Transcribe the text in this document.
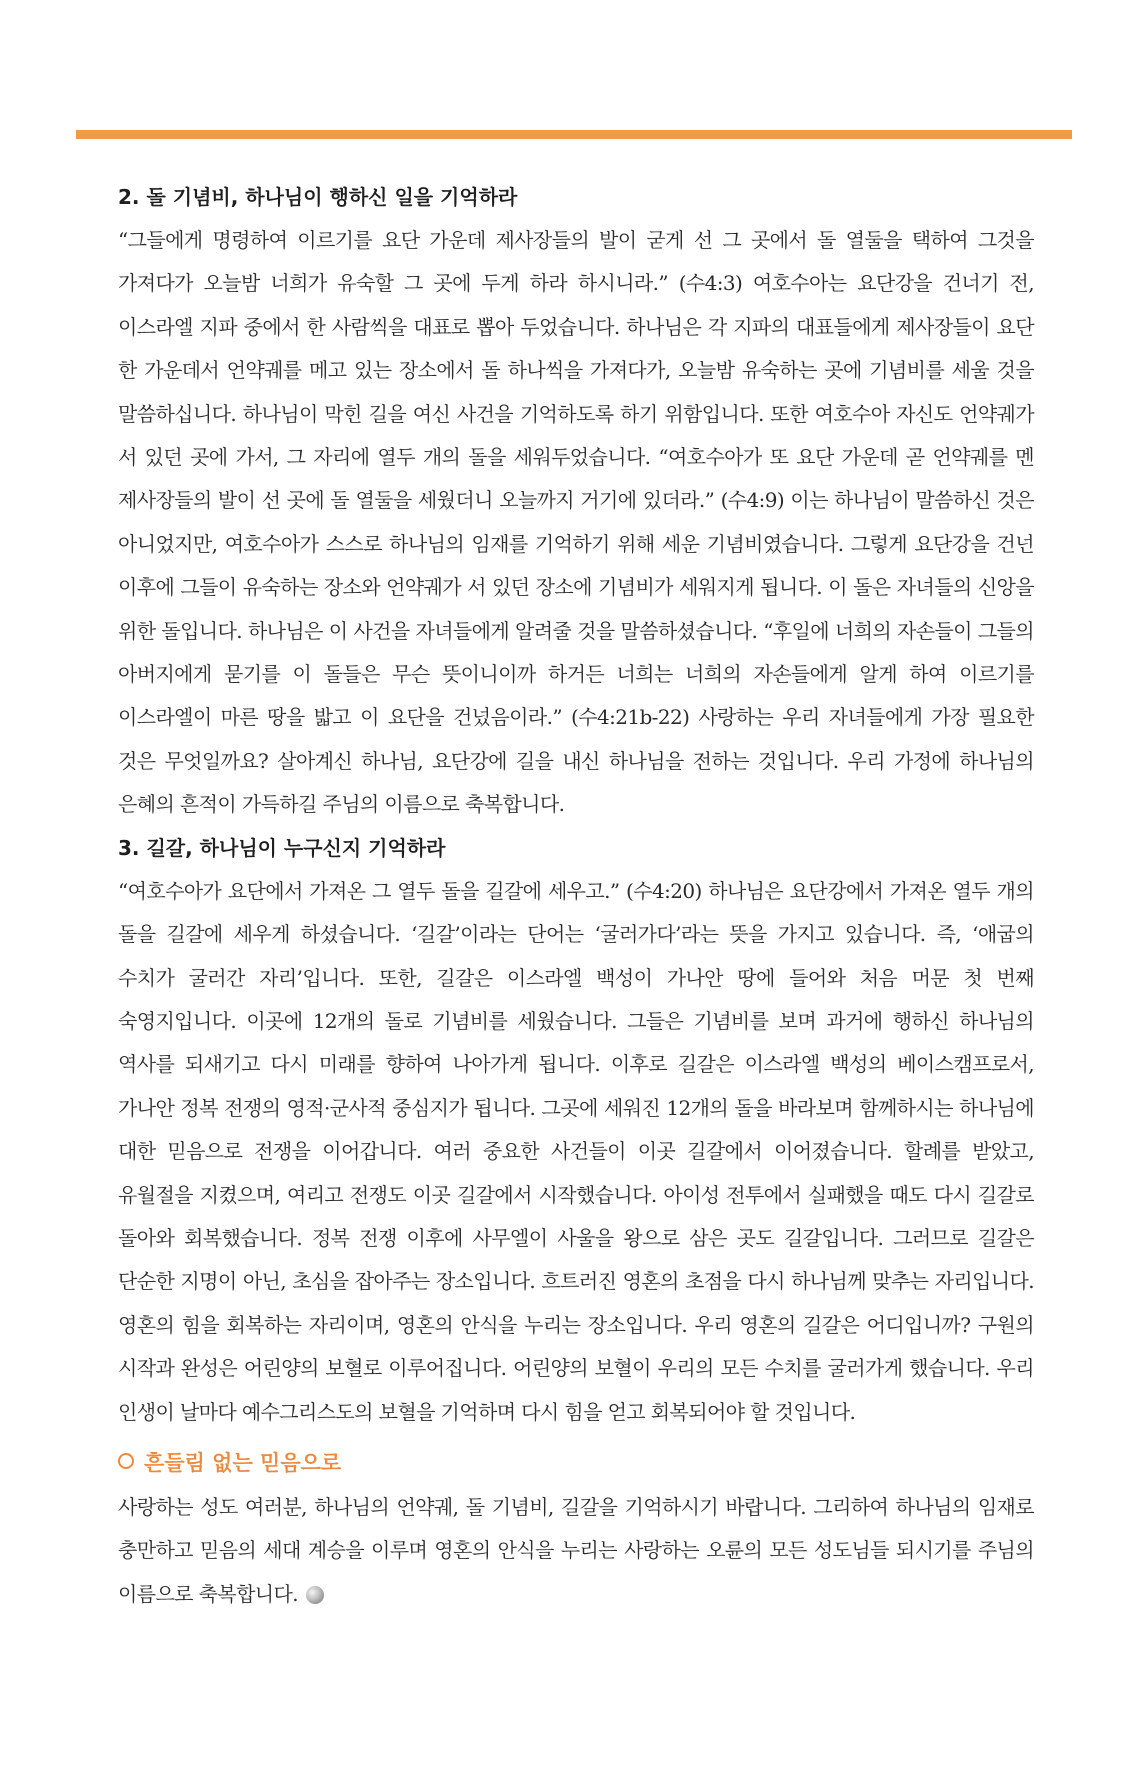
2. 돌 기념비, 하나님이 행하신 일을 기억하라

“그들에게 명령하여 이르기를 요단 가운데 제사장들의 발이 굳게 선 그 곳에서 돌 열둘을 택하여 그것을 가져다가 오늘밤 너희가 유숙할 그 곳에 두게 하라 하시니라.” (수4:3) 여호수아는 요단강을 건너기 전, 이스라엘 지파 중에서 한 사람씩을 대표로 뽑아 두었습니다. 하나님은 각 지파의 대표들에게 제사장들이 요단 한 가운데서 언약궤를 메고 있는 장소에서 돌 하나씩을 가져다가, 오늘밤 유숙하는 곳에 기념비를 세울 것을 말씀하십니다. 하나님이 막힌 길을 여신 사건을 기억하도록 하기 위함입니다. 또한 여호수아 자신도 언약궤가 서 있던 곳에 가서, 그 자리에 열두 개의 돌을 세워두었습니다. “여호수아가 또 요단 가운데 곧 언약궤를 멘 제사장들의 발이 선 곳에 돌 열둘을 세웠더니 오늘까지 거기에 있더라.” (수4:9) 이는 하나님이 말씀하신 것은 아니었지만, 여호수아가 스스로 하나님의 임재를 기억하기 위해 세운 기념비였습니다. 그렇게 요단강을 건넌 이후에 그들이 유숙하는 장소와 언약궤가 서 있던 장소에 기념비가 세워지게 됩니다. 이 돌은 자녀들의 신앙을 위한 돌입니다. 하나님은 이 사건을 자녀들에게 알려줄 것을 말씀하셨습니다. “후일에 너희의 자손들이 그들의 아버지에게 묻기를 이 돌들은 무슨 뜻이니이까 하거든 너희는 너희의 자손들에게 알게 하여 이르기를 이스라엘이 마른 땅을 밟고 이 요단을 건넜음이라.” (수4:21b-22) 사랑하는 우리 자녀들에게 가장 필요한 것은 무엇일까요? 살아계신 하나님, 요단강에 길을 내신 하나님을 전하는 것입니다. 우리 가정에 하나님의 은혜의 흔적이 가득하길 주님의 이름으로 축복합니다.

3. 길갈, 하나님이 누구신지 기억하라

“여호수아가 요단에서 가져온 그 열두 돌을 길갈에 세우고.” (수4:20) 하나님은 요단강에서 가져온 열두 개의 돌을 길갈에 세우게 하셨습니다. ‘길갈’이라는 단어는 ‘굴러가다’라는 뜻을 가지고 있습니다. 즉, ‘애굽의 수치가 굴러간 자리’입니다. 또한, 길갈은 이스라엘 백성이 가나안 땅에 들어와 처음 머문 첫 번째 숙영지입니다. 이곳에 12개의 돌로 기념비를 세웠습니다. 그들은 기념비를 보며 과거에 행하신 하나님의 역사를 되새기고 다시 미래를 향하여 나아가게 됩니다. 이후로 길갈은 이스라엘 백성의 베이스캠프로서, 가나안 정복 전쟁의 영적·군사적 중심지가 됩니다. 그곳에 세워진 12개의 돌을 바라보며 함께하시는 하나님에 대한 믿음으로 전쟁을 이어갑니다. 여러 중요한 사건들이 이곳 길갈에서 이어졌습니다. 할례를 받았고, 유월절을 지켰으며, 여리고 전쟁도 이곳 길갈에서 시작했습니다. 아이성 전투에서 실패했을 때도 다시 길갈로 돌아와 회복했습니다. 정복 전쟁 이후에 사무엘이 사울을 왕으로 삼은 곳도 길갈입니다. 그러므로 길갈은 단순한 지명이 아닌, 초심을 잡아주는 장소입니다. 흐트러진 영혼의 초점을 다시 하나님께 맞추는 자리입니다. 영혼의 힘을 회복하는 자리이며, 영혼의 안식을 누리는 장소입니다. 우리 영혼의 길갈은 어디입니까? 구원의 시작과 완성은 어린양의 보혈로 이루어집니다. 어린양의 보혈이 우리의 모든 수치를 굴러가게 했습니다. 우리 인생이 날마다 예수그리스도의 보혈을 기억하며 다시 힘을 얻고 회복되어야 할 것입니다.

흔들림 없는 믿음으로

사랑하는 성도 여러분, 하나님의 언약궤, 돌 기념비, 길갈을 기억하시기 바랍니다. 그리하여 하나님의 임재로 충만하고 믿음의 세대 계승을 이루며 영혼의 안식을 누리는 사랑하는 오륜의 모든 성도님들 되시기를 주님의 이름으로 축복합니다.
